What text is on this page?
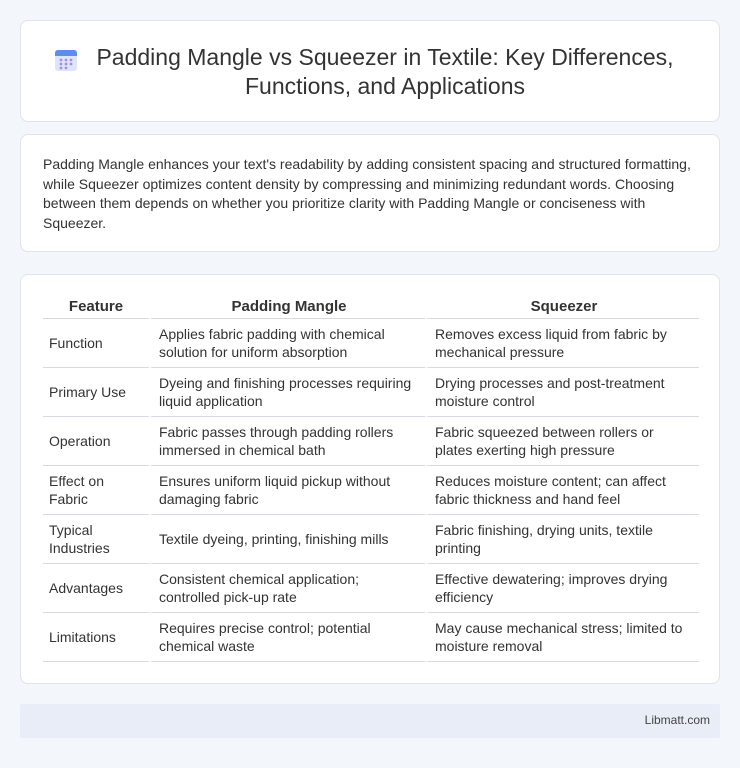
Padding Mangle vs Squeezer in Textile: Key Differences, Functions, and Applications

Padding Mangle enhances your text's readability by adding consistent spacing and structured formatting, while Squeezer optimizes content density by compressing and minimizing redundant words. Choosing between them depends on whether you prioritize clarity with Padding Mangle or conciseness with Squeezer.

Feature	Padding Mangle	Squeezer
Function	Applies fabric padding with chemical solution for uniform absorption	Removes excess liquid from fabric by mechanical pressure
Primary Use	Dyeing and finishing processes requiring liquid application	Drying processes and post-treatment moisture control
Operation	Fabric passes through padding rollers immersed in chemical bath	Fabric squeezed between rollers or plates exerting high pressure
Effect on Fabric	Ensures uniform liquid pickup without damaging fabric	Reduces moisture content; can affect fabric thickness and hand feel
Typical Industries	Textile dyeing, printing, finishing mills	Fabric finishing, drying units, textile printing
Advantages	Consistent chemical application; controlled pick-up rate	Effective dewatering; improves drying efficiency
Limitations	Requires precise control; potential chemical waste	May cause mechanical stress; limited to moisture removal
Libmatt.com
